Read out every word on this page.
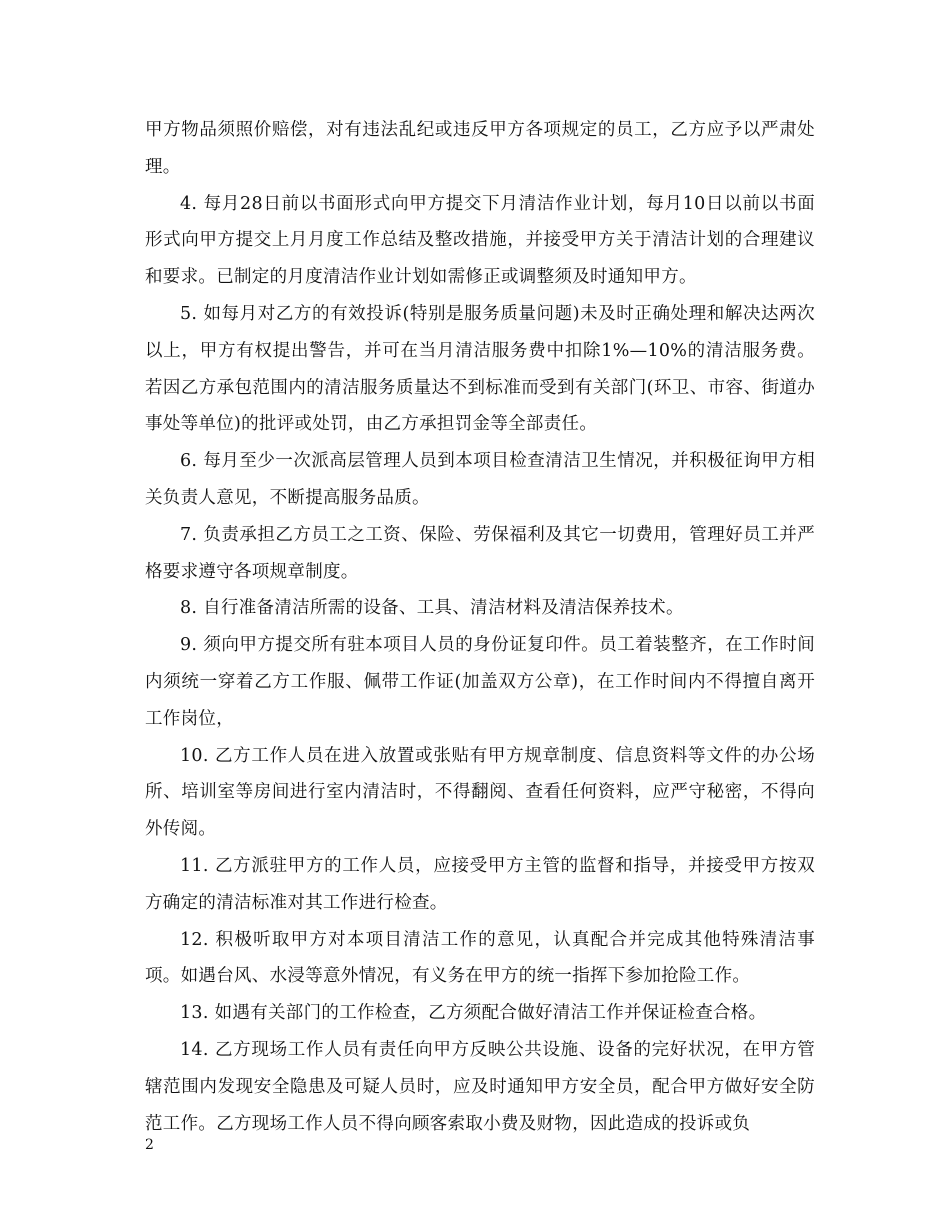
甲方物品须照价赔偿，对有违法乱纪或违反甲方各项规定的员工，乙方应予以严肃处理。

4. 每月28日前以书面形式向甲方提交下月清洁作业计划，每月10日以前以书面形式向甲方提交上月月度工作总结及整改措施，并接受甲方关于清洁计划的合理建议和要求。已制定的月度清洁作业计划如需修正或调整须及时通知甲方。

5. 如每月对乙方的有效投诉(特别是服务质量问题)未及时正确处理和解决达两次以上，甲方有权提出警告，并可在当月清洁服务费中扣除1%—10%的清洁服务费。若因乙方承包范围内的清洁服务质量达不到标准而受到有关部门(环卫、市容、街道办事处等单位)的批评或处罚，由乙方承担罚金等全部责任。

6. 每月至少一次派高层管理人员到本项目检查清洁卫生情况，并积极征询甲方相关负责人意见，不断提高服务品质。

7. 负责承担乙方员工之工资、保险、劳保福利及其它一切费用，管理好员工并严格要求遵守各项规章制度。

8. 自行准备清洁所需的设备、工具、清洁材料及清洁保养技术。

9. 须向甲方提交所有驻本项目人员的身份证复印件。员工着装整齐，在工作时间内须统一穿着乙方工作服、佩带工作证(加盖双方公章)，在工作时间内不得擅自离开工作岗位，

10. 乙方工作人员在进入放置或张贴有甲方规章制度、信息资料等文件的办公场所、培训室等房间进行室内清洁时，不得翻阅、查看任何资料，应严守秘密，不得向外传阅。

11. 乙方派驻甲方的工作人员，应接受甲方主管的监督和指导，并接受甲方按双方确定的清洁标准对其工作进行检查。

12. 积极听取甲方对本项目清洁工作的意见，认真配合并完成其他特殊清洁事项。如遇台风、水浸等意外情况，有义务在甲方的统一指挥下参加抢险工作。

13. 如遇有关部门的工作检查，乙方须配合做好清洁工作并保证检查合格。

14. 乙方现场工作人员有责任向甲方反映公共设施、设备的完好状况，在甲方管辖范围内发现安全隐患及可疑人员时，应及时通知甲方安全员，配合甲方做好安全防范工作。乙方现场工作人员不得向顾客索取小费及财物，因此造成的投诉或负

2
